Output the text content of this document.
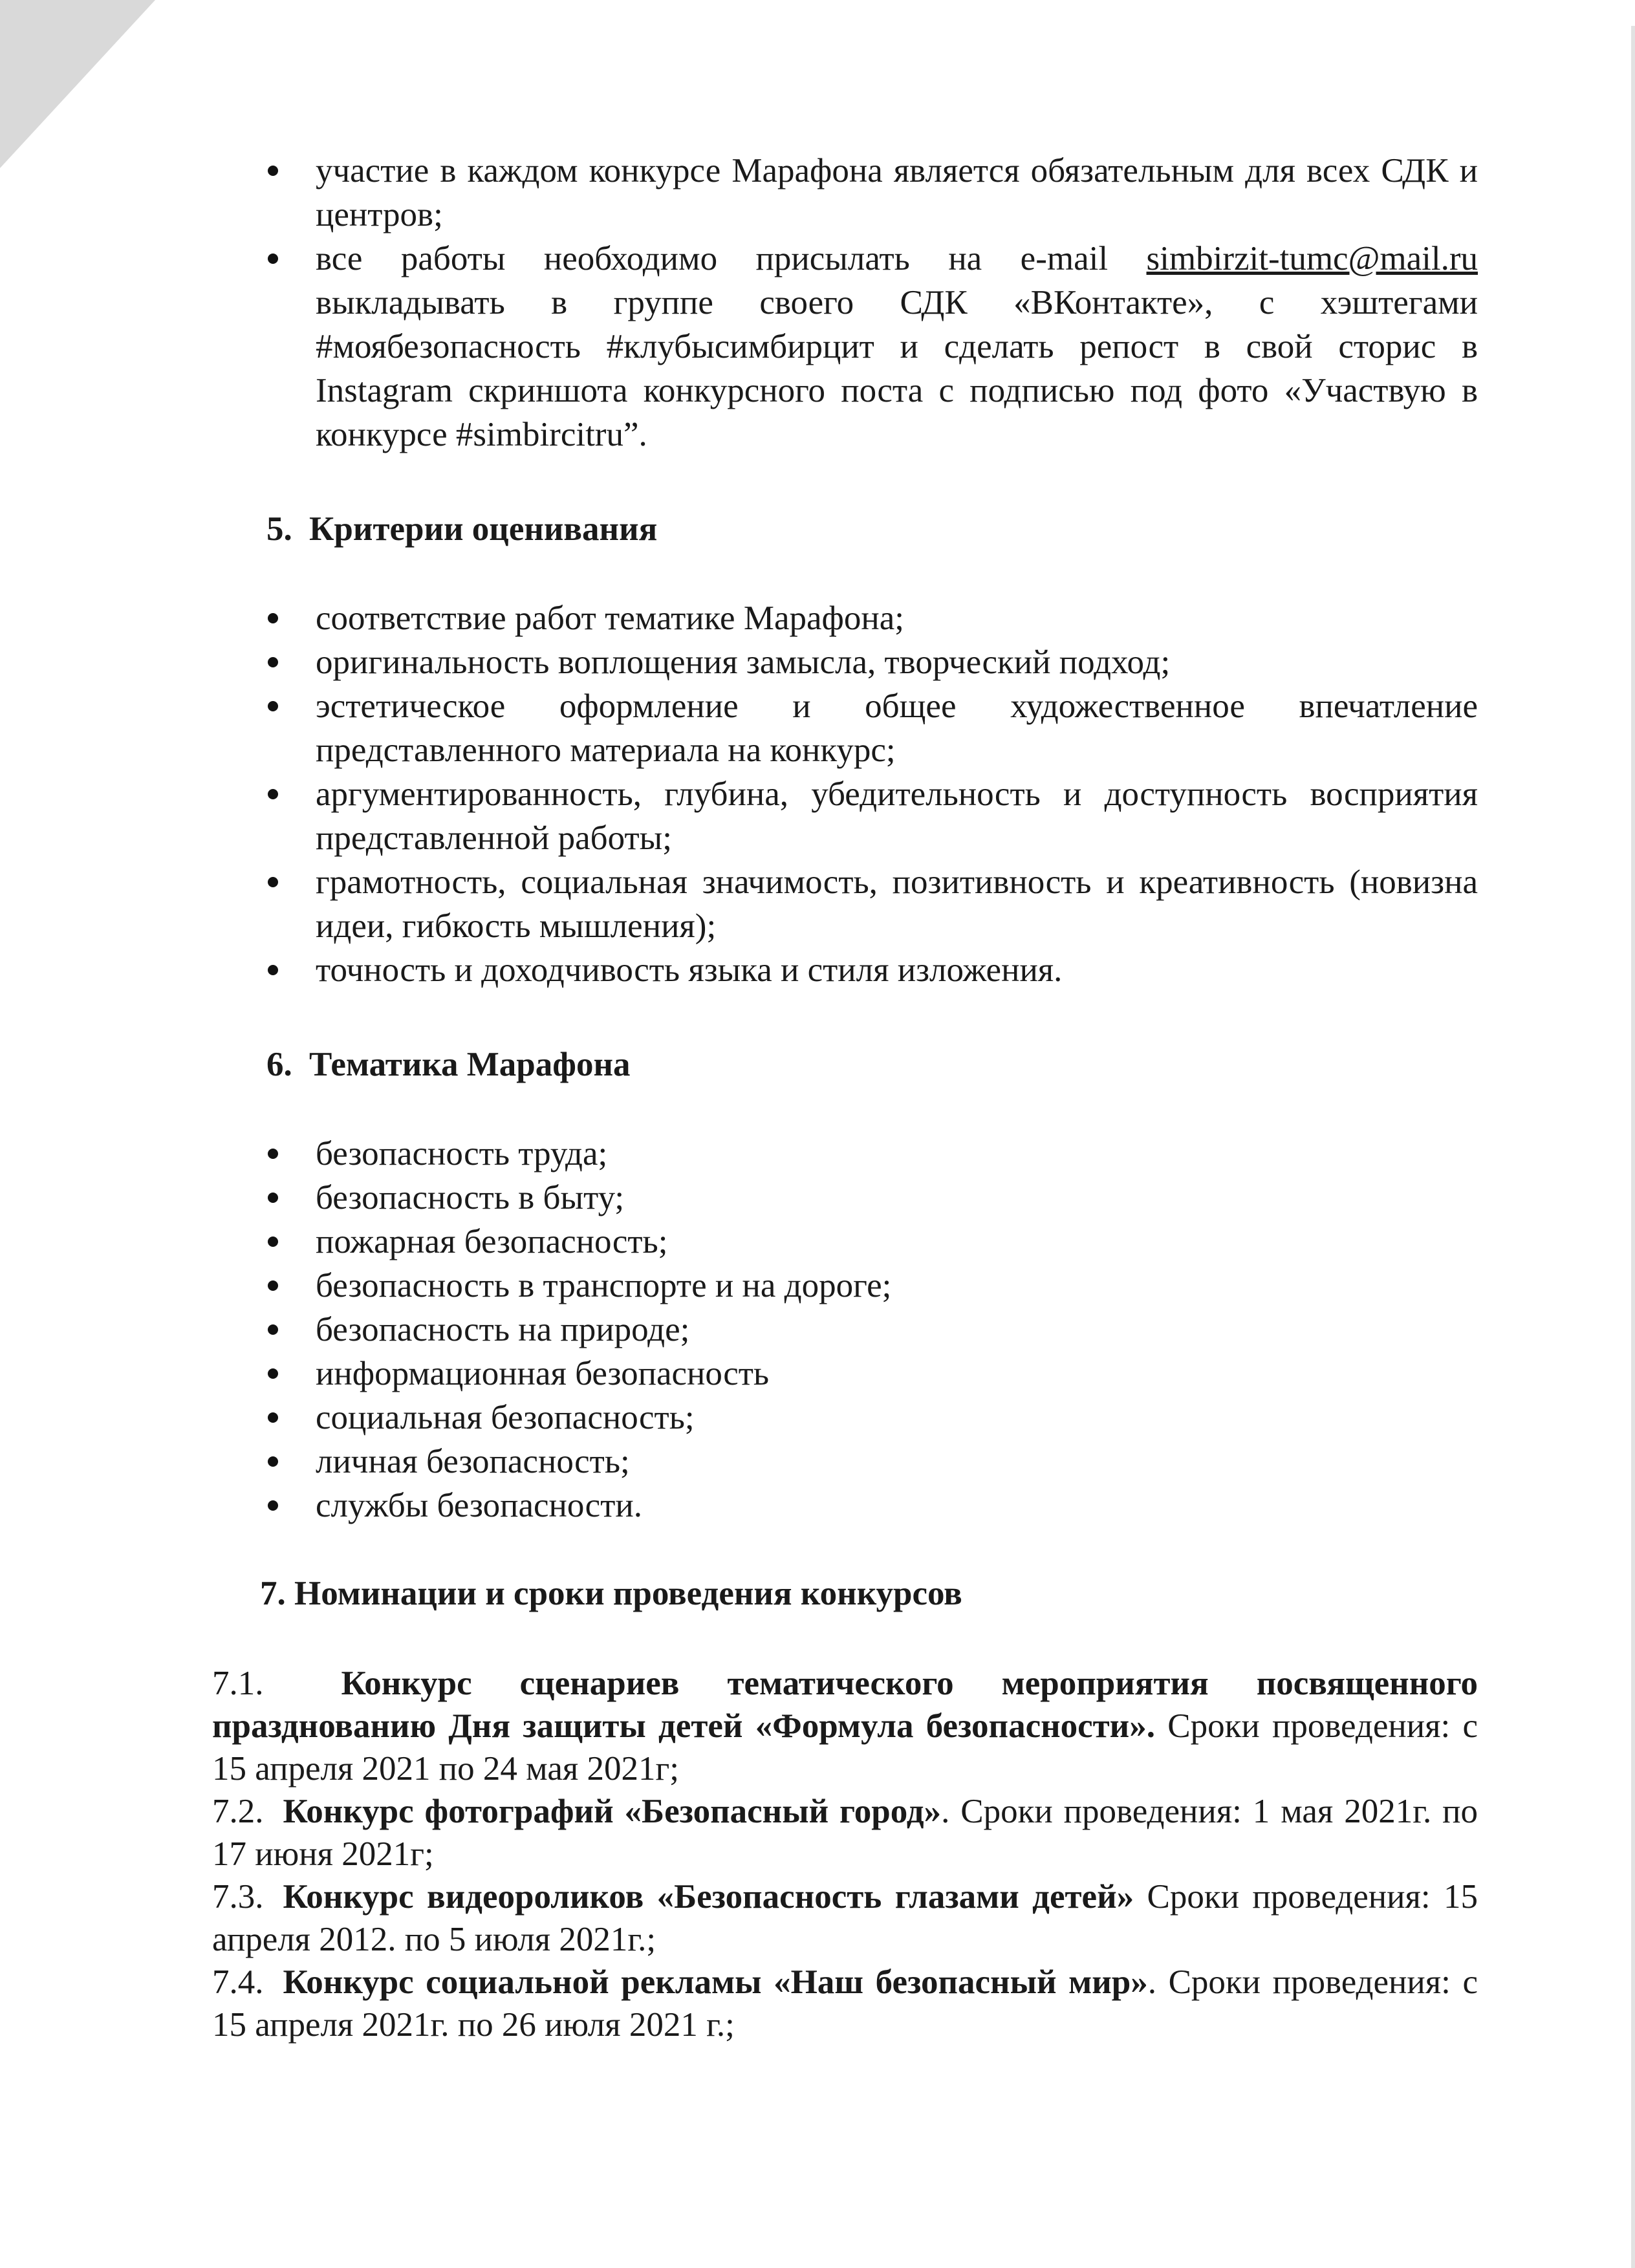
участие в каждом конкурсе Марафона является обязательным для всех СДК и центров;
все работы необходимо присылать на e-mail simbirzit-tumc@mail.ru выкладывать в группе своего СДК «ВКонтакте», с хэштегами #моябезопасность #клубысимбирцит и сделать репост в свой сторис в Instagram скриншота конкурсного поста с подписью под фото «Участвую в конкурсе #simbircitru”.
5. Критерии оценивания
соответствие работ тематике Марафона;
оригинальность воплощения замысла, творческий подход;
эстетическое оформление и общее художественное впечатление представленного материала на конкурс;
аргументированность, глубина, убедительность и доступность восприятия представленной работы;
грамотность, социальная значимость, позитивность и креативность (новизна идеи, гибкость мышления);
точность и доходчивость языка и стиля изложения.
6. Тематика Марафона
безопасность труда;
безопасность в быту;
пожарная безопасность;
безопасность в транспорте и на дороге;
безопасность на природе;
информационная безопасность
социальная безопасность;
личная безопасность;
службы безопасности.
7. Номинации и сроки проведения конкурсов
7.1. Конкурс сценариев тематического мероприятия посвященного празднованию Дня защиты детей «Формула безопасности». Сроки проведения: с 15 апреля 2021 по 24 мая 2021г;
7.2. Конкурс фотографий «Безопасный город». Сроки проведения: 1 мая 2021г. по 17 июня 2021г;
7.3. Конкурс видеороликов «Безопасность глазами детей» Сроки проведения: 15 апреля 2012. по 5 июля 2021г.;
7.4. Конкурс социальной рекламы «Наш безопасный мир». Сроки проведения: с 15 апреля 2021г. по 26 июля 2021 г.;
